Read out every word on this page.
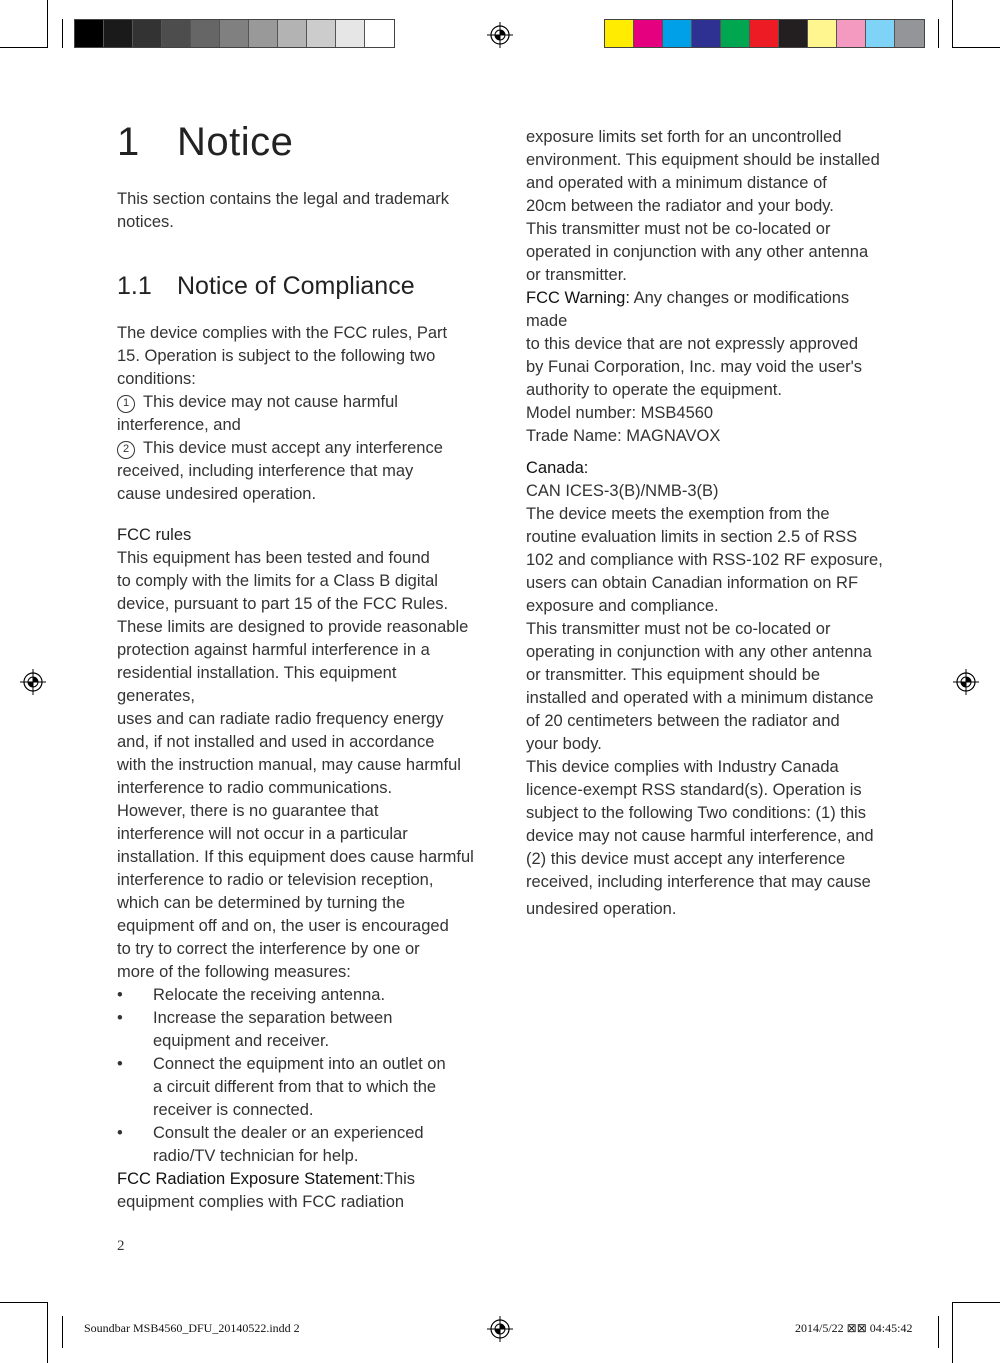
1 Notice
This section contains the legal and trademark
notices.
1.1 Notice of Compliance
The device complies with the FCC rules, Part
15. Operation is subject to the following two
conditions:
1 This device may not cause harmful
interference, and
2 This device must accept any interference
received, including interference that may
cause undesired operation.
FCC rules
This equipment has been tested and found
to comply with the limits for a Class B digital
device, pursuant to part 15 of the FCC Rules.
These limits are designed to provide reasonable
protection against harmful interference in a
residential installation. This equipment generates,
uses and can radiate radio frequency energy
and, if not installed and used in accordance
with the instruction manual, may cause harmful
interference to radio communications.
However, there is no guarantee that
interference will not occur in a particular
installation. If this equipment does cause harmful
interference to radio or television reception,
which can be determined by turning the
equipment off and on, the user is encouraged
to try to correct the interference by one or
more of the following measures:
• Relocate the receiving antenna.
• Increase the separation between
equipment and receiver.
• Connect the equipment into an outlet on
a circuit different from that to which the
receiver is connected.
• Consult the dealer or an experienced
radio/TV technician for help.
FCC Radiation Exposure Statement:This
equipment complies with FCC radiation
exposure limits set forth for an uncontrolled
environment. This equipment should be installed
and operated with a minimum distance of
20cm between the radiator and your body.
This transmitter must not be co-located or
operated in conjunction with any other antenna
or transmitter.
FCC Warning: Any changes or modifications
made
to this device that are not expressly approved
by Funai Corporation, Inc. may void the user's
authority to operate the equipment.
Model number: MSB4560
Trade Name: MAGNAVOX
Canada:
CAN ICES-3(B)/NMB-3(B)
The device meets the exemption from the
routine evaluation limits in section 2.5 of RSS
102 and compliance with RSS-102 RF exposure,
users can obtain Canadian information on RF
exposure and compliance.
This transmitter must not be co-located or
operating in conjunction with any other antenna
or transmitter. This equipment should be
installed and operated with a minimum distance
of 20 centimeters between the radiator and
your body.
This device complies with Industry Canada
licence-exempt RSS standard(s). Operation is
subject to the following Two conditions: (1) this
device may not cause harmful interference, and
(2) this device must accept any interference
received, including interference that may cause
undesired operation.
2
Soundbar MSB4560_DFU_20140522.indd 2	2014/5/22 ⊠⊠ 04:45:42
